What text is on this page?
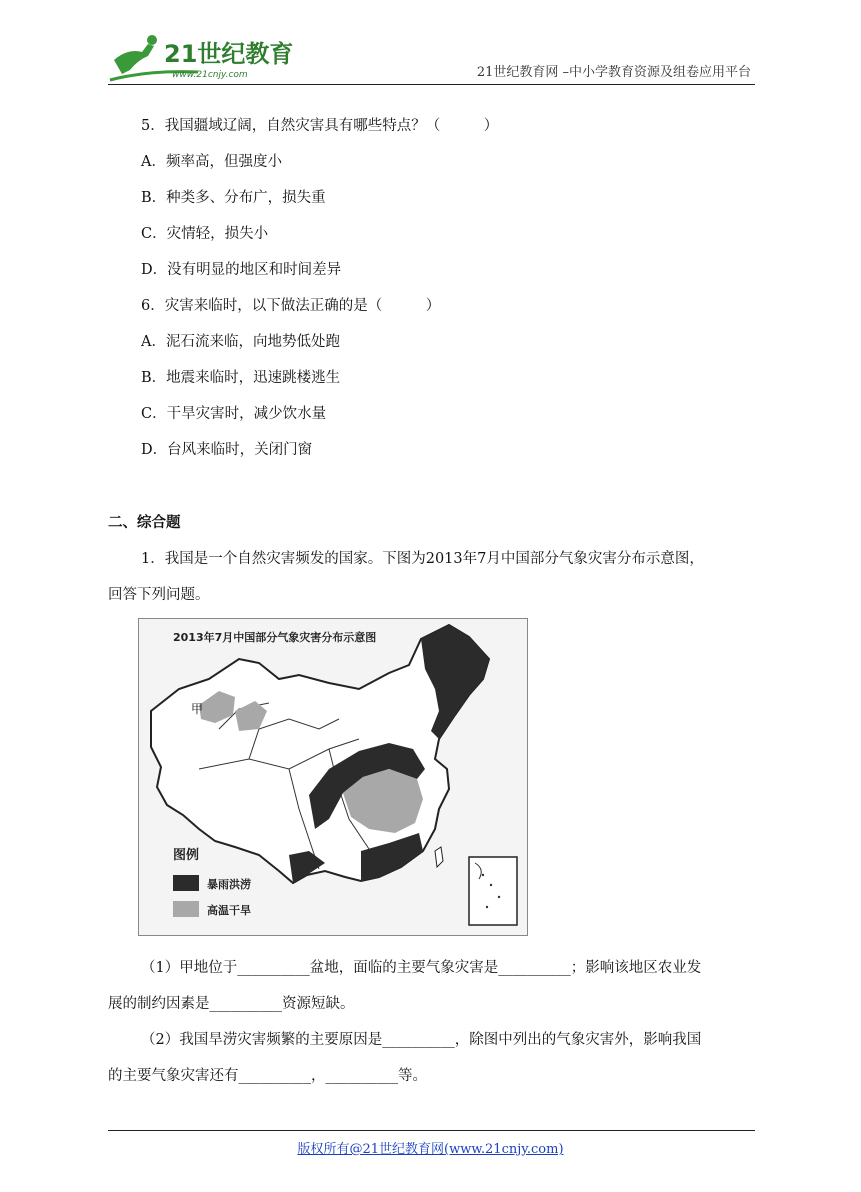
21世纪教育
www.21cnjy.com	21世纪教育网 –中小学教育资源及组卷应用平台
5．我国疆域辽阔，自然灾害具有哪些特点？（　　　）
A．频率高，但强度小
B．种类多、分布广，损失重
C．灾情轻，损失小
D．没有明显的地区和时间差异
6．灾害来临时，以下做法正确的是（　　　）
A．泥石流来临，向地势低处跑
B．地震来临时，迅速跳楼逃生
C．干旱灾害时，减少饮水量
D．台风来临时，关闭门窗
二、综合题
1．我国是一个自然灾害频发的国家。下图为2013年7月中国部分气象灾害分布示意图，
回答下列问题。
2013年7月中国部分气象灾害分布示意图
甲
图例
暴雨洪涝
高温干旱
（1）甲地位于__________盆地，面临的主要气象灾害是__________；影响该地区农业发
展的制约因素是__________资源短缺。
（2）我国旱涝灾害频繁的主要原因是__________，除图中列出的气象灾害外，影响我国
的主要气象灾害还有__________，__________等。
版权所有@21世纪教育网(www.21cnjy.com)
